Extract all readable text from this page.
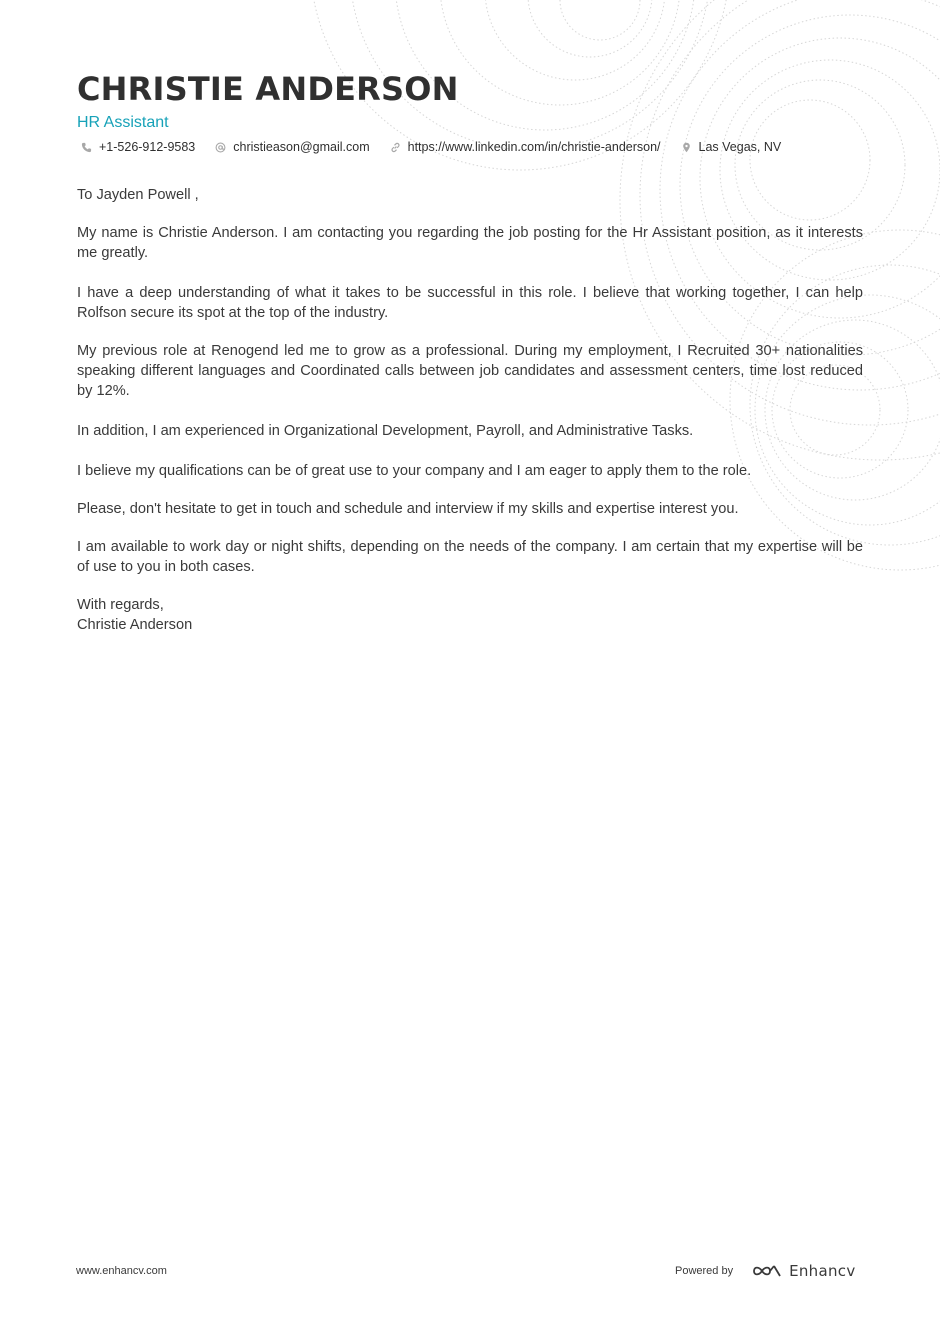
CHRISTIE ANDERSON
HR Assistant
+1-526-912-9583	christieason@gmail.com	https://www.linkedin.com/in/christie-anderson/	Las Vegas, NV

To Jayden Powell ,

My name is Christie Anderson. I am contacting you regarding the job posting for the Hr Assistant position, as it interests me greatly.

I have a deep understanding of what it takes to be successful in this role. I believe that working together, I can help Rolfson secure its spot at the top of the industry.

My previous role at Renogend led me to grow as a professional. During my employment, I Recruited 30+ nationalities speaking different languages and Coordinated calls between job candidates and assessment centers, time lost reduced by 12%.

In addition, I am experienced in Organizational Development, Payroll, and Administrative Tasks.

I believe my qualifications can be of great use to your company and I am eager to apply them to the role.

Please, don't hesitate to get in touch and schedule and interview if my skills and expertise interest you.

I am available to work day or night shifts, depending on the needs of the company. I am certain that my expertise will be of use to you in both cases.

With regards,

Christie Anderson

www.enhancv.com	Powered by	Enhancv
